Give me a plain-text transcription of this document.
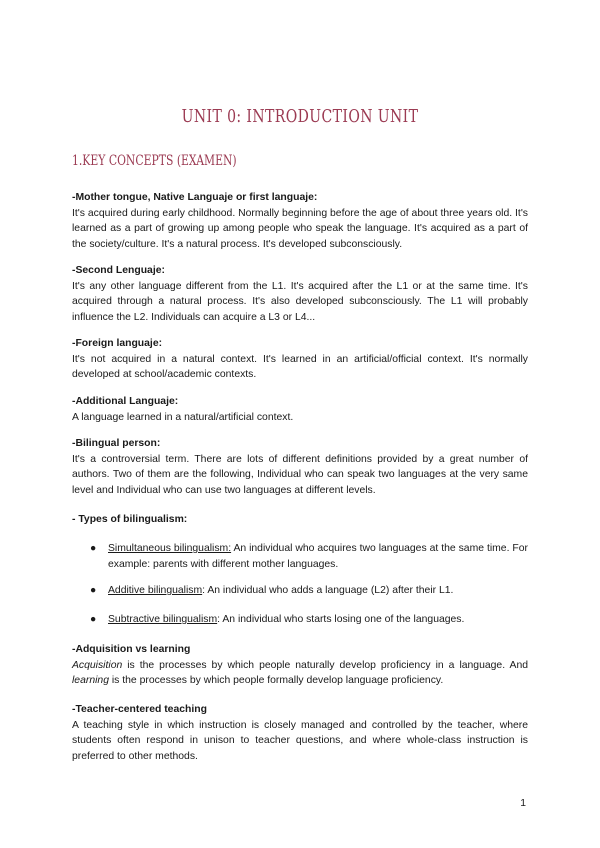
UNIT 0: INTRODUCTION UNIT
1.KEY CONCEPTS (EXAMEN)
-Mother tongue, Native Languaje or first languaje:

It's acquired during early childhood. Normally beginning before the age of about three years old. It's learned as a part of growing up among people who speak the language. It's acquired as a part of the society/culture. It's a natural process. It's developed subconsciously.

-Second Lenguaje:

It's any other language different from the L1. It's acquired after the L1 or at the same time. It's acquired through a natural process. It's also developed subconsciously. The L1 will probably influence the L2. Individuals can acquire a L3 or L4...

-Foreign languaje:

It's not acquired in a natural context. It's learned in an artificial/official context. It's normally developed at school/academic contexts.

-Additional Languaje:

A language learned in a natural/artificial context.

-Bilingual person:

It's a controversial term. There are lots of different definitions provided by a great number of authors. Two of them are the following, Individual who can speak two languages at the very same level and Individual who can use two languages at different levels.

- Types of bilingualism:
● Simultaneous bilingualism: An individual who acquires two languages at the same time. For example: parents with different mother languages.
● Additive bilingualism: An individual who adds a language (L2) after their L1.
● Subtractive bilingualism: An individual who starts losing one of the languages.
-Adquisition vs learning

Acquisition is the processes by which people naturally develop proficiency in a language. And learning is the processes by which people formally develop language proficiency.

-Teacher-centered teaching

A teaching style in which instruction is closely managed and controlled by the teacher, where students often respond in unison to teacher questions, and where whole-class instruction is preferred to other methods.

1
